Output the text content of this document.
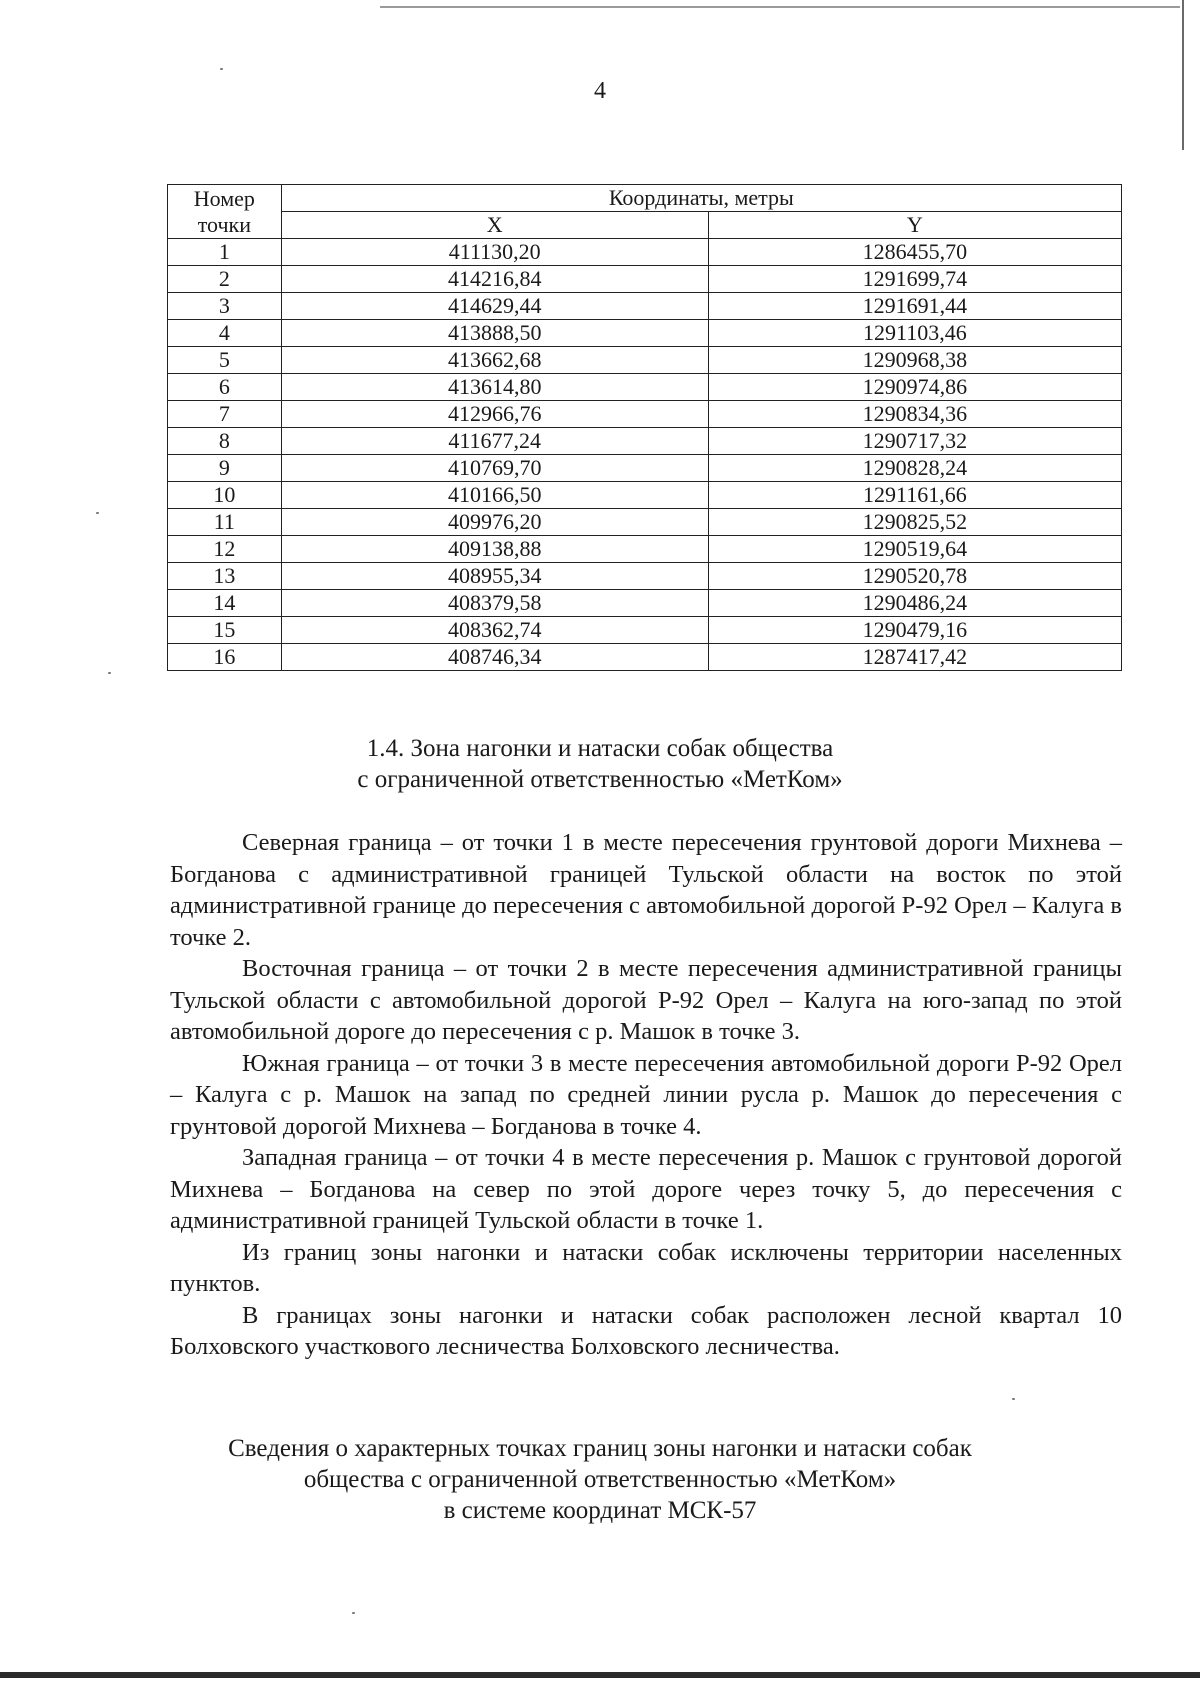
4
Номер
точки	Координаты, метры	
	X	Y
1	411130,20	1286455,70
2	414216,84	1291699,74
3	414629,44	1291691,44
4	413888,50	1291103,46
5	413662,68	1290968,38
6	413614,80	1290974,86
7	412966,76	1290834,36
8	411677,24	1290717,32
9	410769,70	1290828,24
10	410166,50	1291161,66
11	409976,20	1290825,52
12	409138,88	1290519,64
13	408955,34	1290520,78
14	408379,58	1290486,24
15	408362,74	1290479,16
16	408746,34	1287417,42
1.4. Зона нагонки и натаски собак общества
с ограниченной ответственностью «МетКом»

Северная граница – от точки 1 в месте пересечения грунтовой дороги Михнева – Богданова с административной границей Тульской области на восток по этой административной границе до пересечения с автомобильной дорогой Р-92 Орел – Калуга в точке 2.

Восточная граница – от точки 2 в месте пересечения административной границы Тульской области с автомобильной дорогой Р-92 Орел – Калуга на юго-запад по этой автомобильной дороге до пересечения с р. Машок в точке 3.

Южная граница – от точки 3 в месте пересечения автомобильной дороги Р-92 Орел – Калуга с р. Машок на запад по средней линии русла р. Машок до пересечения с грунтовой дорогой Михнева – Богданова в точке 4.

Западная граница – от точки 4 в месте пересечения р. Машок с грунтовой дорогой Михнева – Богданова на север по этой дороге через точку 5, до пересечения с административной границей Тульской области в точке 1.

Из границ зоны нагонки и натаски собак исключены территории населенных пунктов.

В границах зоны нагонки и натаски собак расположен лесной квартал 10 Болховского участкового лесничества Болховского лесничества.

Сведения о характерных точках границ зоны нагонки и натаски собак
общества с ограниченной ответственностью «МетКом»
в системе координат МСК-57
